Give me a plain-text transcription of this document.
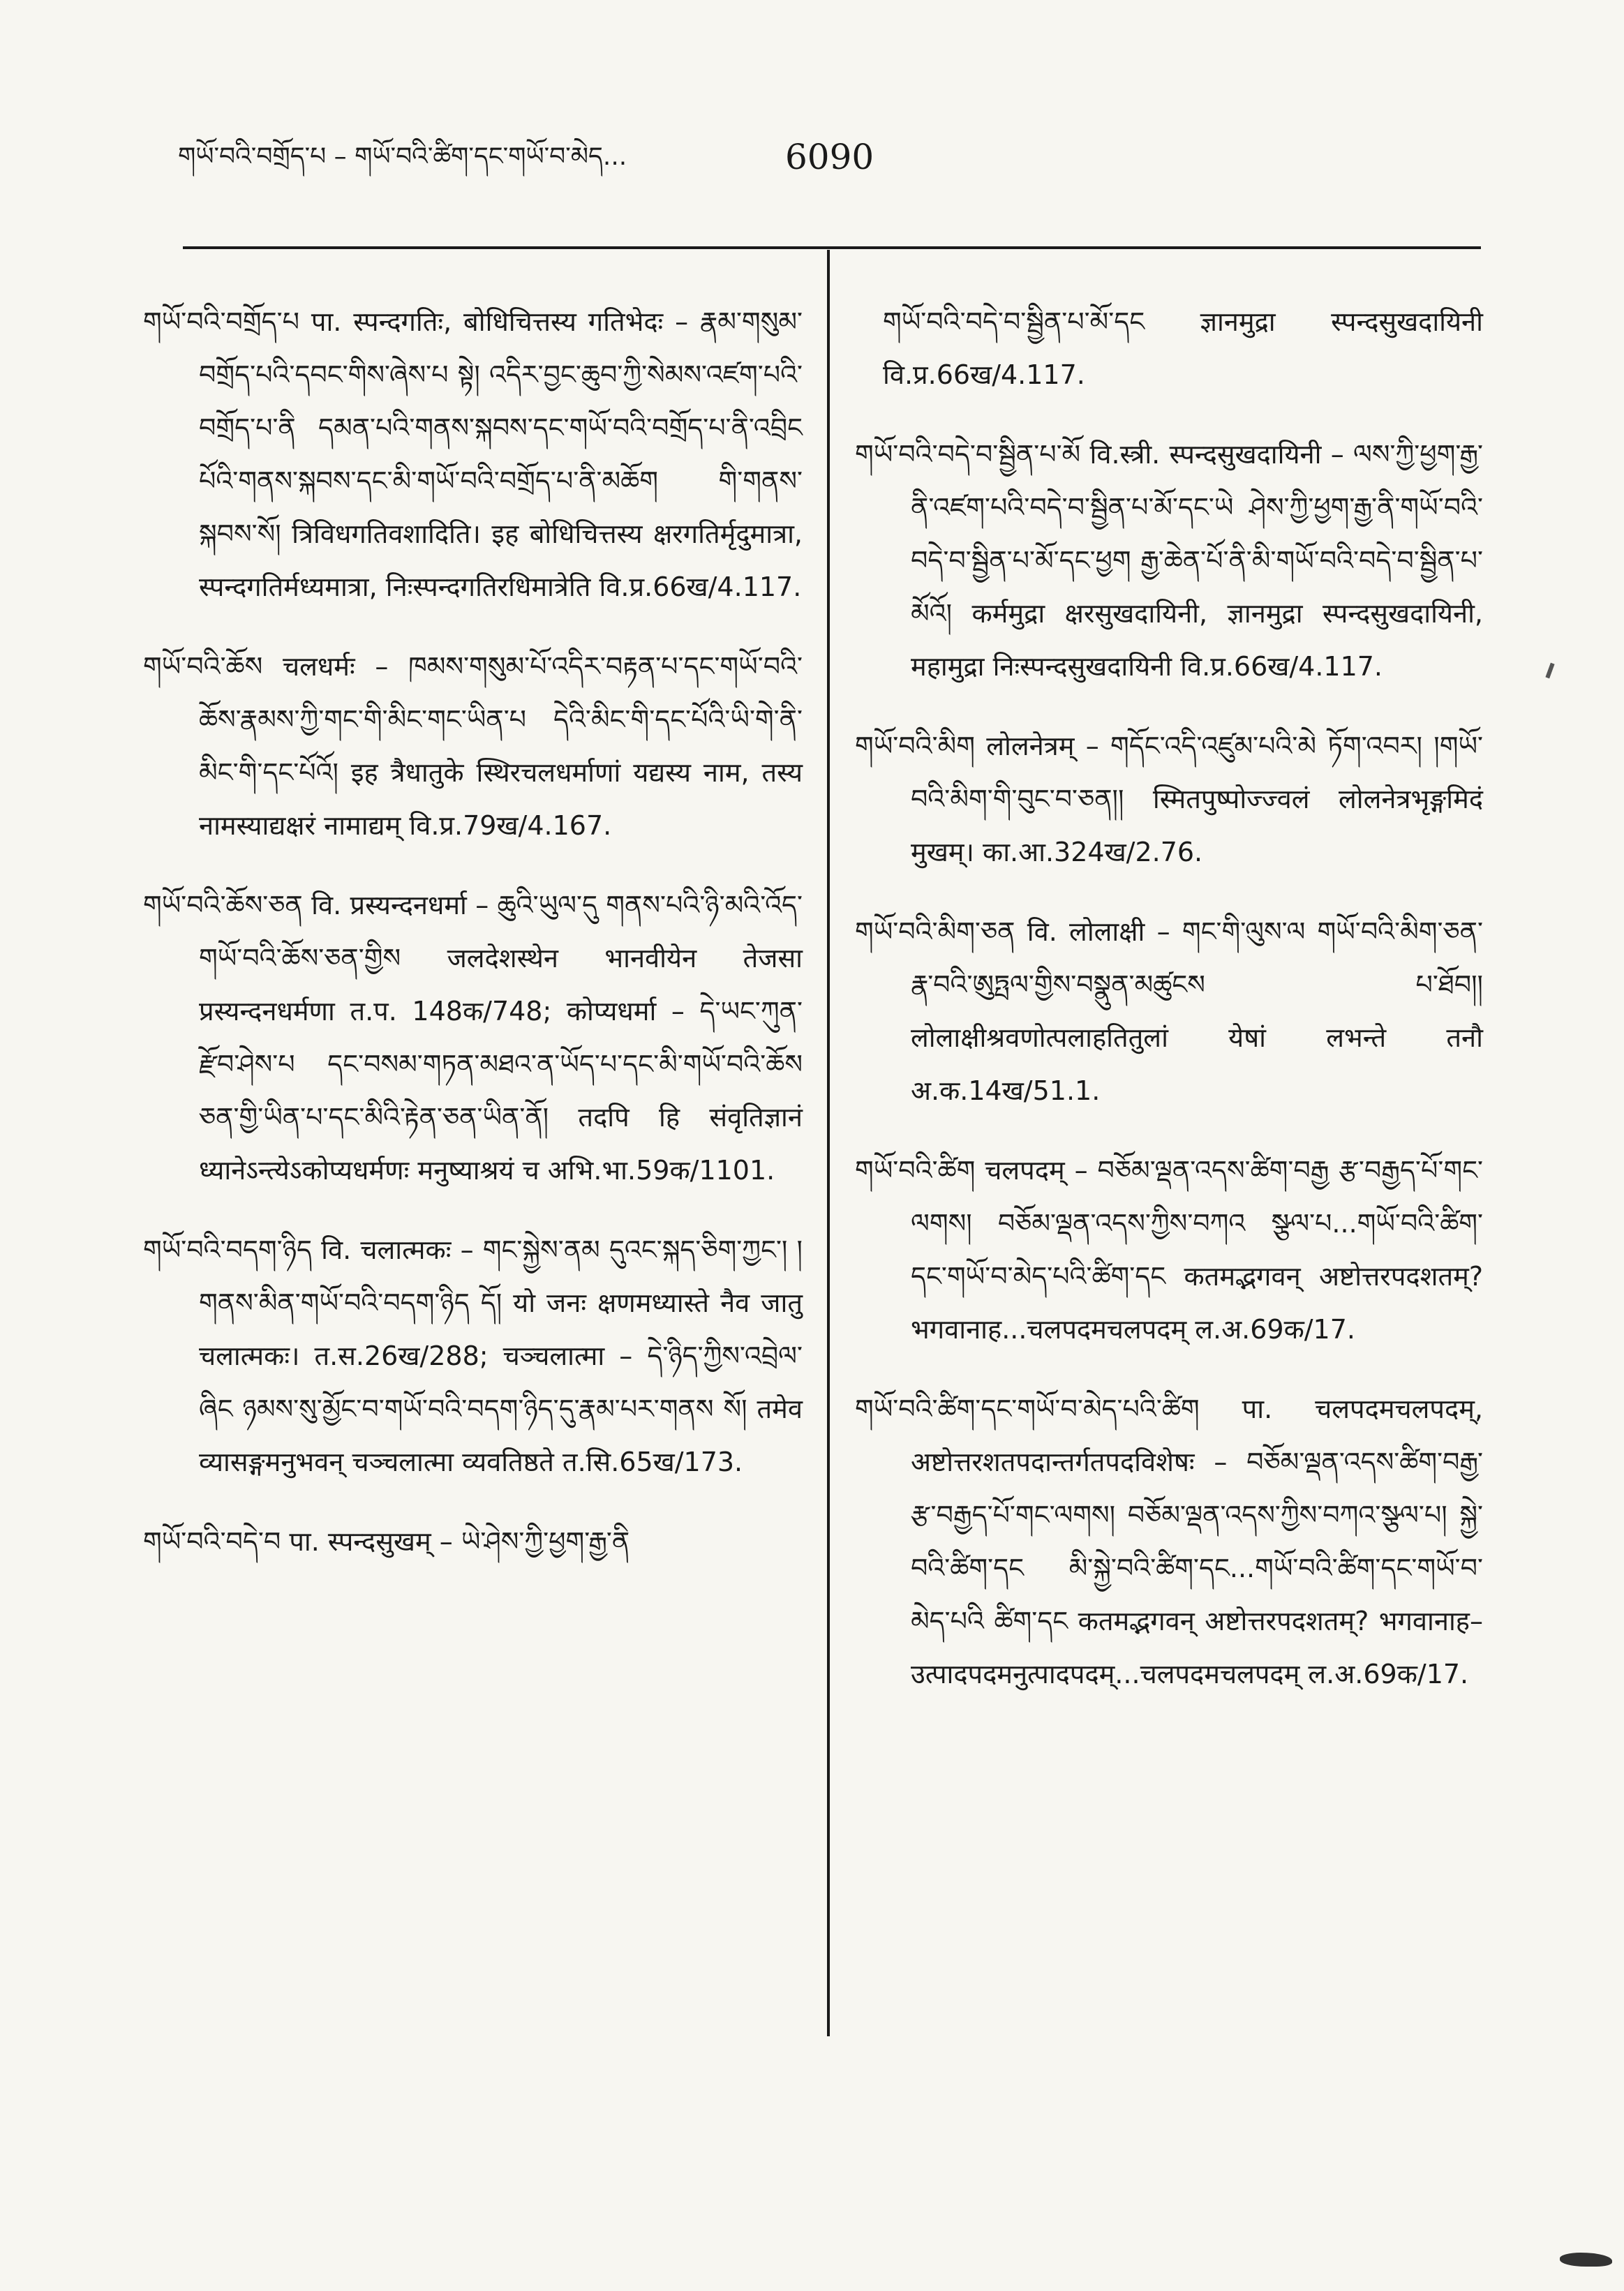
གཡོ་བའི་བགྲོད་པ – གཡོ་བའི་ཚིག་དང་གཡོ་བ་མེད...	6090

གཡོ་བའི་བགྲོད་པ पा. स्पन्दगतिः, बोधिचित्तस्य गतिभेदः – རྣམ་གསུམ་བགྲོད་པའི་དབང་གིས་ཞེས་པ སྟེ། འདིར་བྱང་ཆུབ་ཀྱི་སེམས་འཛག་པའི་བགྲོད་པ་ནི དམན་པའི་གནས་སྐབས་དང་གཡོ་བའི་བགྲོད་པ་ནི་འབྲིང པོའི་གནས་སྐབས་དང་མི་གཡོ་བའི་བགྲོད་པ་ནི་མཆོག གི་གནས་སྐབས་སོ། त्रिविधगतिवशादिति। इह बोधिचित्तस्य क्षरगतिर्मृदुमात्रा, स्पन्दगतिर्मध्यमात्रा, निःस्पन्दगतिरधिमात्रेति वि.प्र.66ख/4.117.

གཡོ་བའི་ཆོས चलधर्मः – ཁམས་གསུམ་པོ་འདིར་བརྟན་པ་དང་གཡོ་བའི་ཆོས་རྣམས་ཀྱི་གང་གི་མིང་གང་ཡིན་པ དེའི་མིང་གི་དང་པོའི་ཡི་གེ་ནི་མིང་གི་དང་པོའོ། इह त्रैधातुके स्थिरचलधर्माणां यद्यस्य नाम, तस्य नामस्याद्यक्षरं नामाद्यम् वि.प्र.79ख/4.167.

གཡོ་བའི་ཆོས་ཅན वि. प्रस्यन्दनधर्मा – ཆུའི་ཡུལ་དུ གནས་པའི་ཉི་མའི་འོད་གཡོ་བའི་ཆོས་ཅན་གྱིས जलदेशस्थेन भानवीयेन तेजसा प्रस्यन्दनधर्मणा त.प. 148क/748; कोप्यधर्मा – དེ་ཡང་ཀུན་རྫོབ་ཤེས་པ དང་བསམ་གཏན་མཐའ་ན་ཡོད་པ་དང་མི་གཡོ་བའི་ཆོས ཅན་གྱི་ཡིན་པ་དང་མིའི་རྟེན་ཅན་ཡིན་ནོ། तदपि हि संवृतिज्ञानं ध्यानेऽन्त्येऽकोप्यधर्मणः मनुष्याश्रयं च अभि.भा.59क/1101.

གཡོ་བའི་བདག་ཉིད वि. चलात्मकः – གང་སྐྱེས་ནམ དུའང་སྐད་ཅིག་ཀྱང་། །གནས་མིན་གཡོ་བའི་བདག་ཉིད དོ། यो जनः क्षणमध्यास्ते नैव जातु चलात्मकः। त.स.26ख/288; चञ्चलात्मा – དེ་ཉིད་ཀྱིས་འབྲེལ་ཞིང ཉམས་སུ་མྱོང་བ་གཡོ་བའི་བདག་ཉིད་དུ་རྣམ་པར་གནས སོ། तमेव व्यासङ्गमनुभवन् चञ्चलात्मा व्यवतिष्ठते त.सि.65ख/173.

གཡོ་བའི་བདེ་བ पा. स्पन्दसुखम् – ཡེ་ཤེས་ཀྱི་ཕྱག་རྒྱ་ནི

གཡོ་བའི་བདེ་བ་སྦྱིན་པ་མོ་དང ज्ञानमुद्रा स्पन्दसुखदायिनी वि.प्र.66ख/4.117.

གཡོ་བའི་བདེ་བ་སྦྱིན་པ་མོ वि.स्त्री. स्पन्दसुखदायिनी – ལས་ཀྱི་ཕྱག་རྒྱ་ནི་འཛག་པའི་བདེ་བ་སྦྱིན་པ་མོ་དང་ཡེ ཤེས་ཀྱི་ཕྱག་རྒྱ་ནི་གཡོ་བའི་བདེ་བ་སྦྱིན་པ་མོ་དང་ཕྱག རྒྱ་ཆེན་པོ་ནི་མི་གཡོ་བའི་བདེ་བ་སྦྱིན་པ་མོའོ། कर्ममुद्रा क्षरसुखदायिनी, ज्ञानमुद्रा स्पन्दसुखदायिनी, महामुद्रा निःस्पन्दसुखदायिनी वि.प्र.66ख/4.117.

གཡོ་བའི་མིག लोलनेत्रम् – གདོང་འདི་འཛུམ་པའི་མེ ཏོག་འབར། །གཡོ་བའི་མིག་གི་བུང་བ་ཅན།། स्मितपुष्पोज्ज्वलं लोलनेत्रभृङ्गमिदं मुखम्। का.आ.324ख/2.76.

གཡོ་བའི་མིག་ཅན वि. लोलाक्षी – གང་གི་ལུས་ལ གཡོ་བའི་མིག་ཅན་རྣ་བའི་ཨུཏྤལ་གྱིས་བསྣུན་མཚུངས པ་ཐོབ།། लोलाक्षीश्रवणोत्पलाहतितुलां येषां लभन्ते तनौ अ.क.14ख/51.1.

གཡོ་བའི་ཚིག चलपदम् – བཅོམ་ལྡན་འདས་ཚིག་བརྒྱ རྩ་བརྒྱད་པོ་གང་ལགས། བཅོམ་ལྡན་འདས་ཀྱིས་བཀའ སྩལ་པ...གཡོ་བའི་ཚིག་དང་གཡོ་བ་མེད་པའི་ཚིག་དང कतमद्भगवन् अष्टोत्तरपदशतम्? भगवानाह...चलपदमचलपदम् ल.अ.69क/17.

གཡོ་བའི་ཚིག་དང་གཡོ་བ་མེད་པའི་ཚིག पा. चलपदमचलपदम्, अष्टोत्तरशतपदान्तर्गतपदविशेषः – བཅོམ་ལྡན་འདས་ཚིག་བརྒྱ་རྩ་བརྒྱད་པོ་གང་ལགས། བཅོམ་ལྡན་འདས་ཀྱིས་བཀའ་སྩལ་པ། སྐྱེ་བའི་ཚིག་དང མི་སྐྱེ་བའི་ཚིག་དང...གཡོ་བའི་ཚིག་དང་གཡོ་བ་མེད་པའི ཚིག་དང कतमद्भगवन् अष्टोत्तरपदशतम्? भगवानाह–उत्पादपदमनुत्पादपदम्...चलपदमचलपदम् ल.अ.69क/17.
